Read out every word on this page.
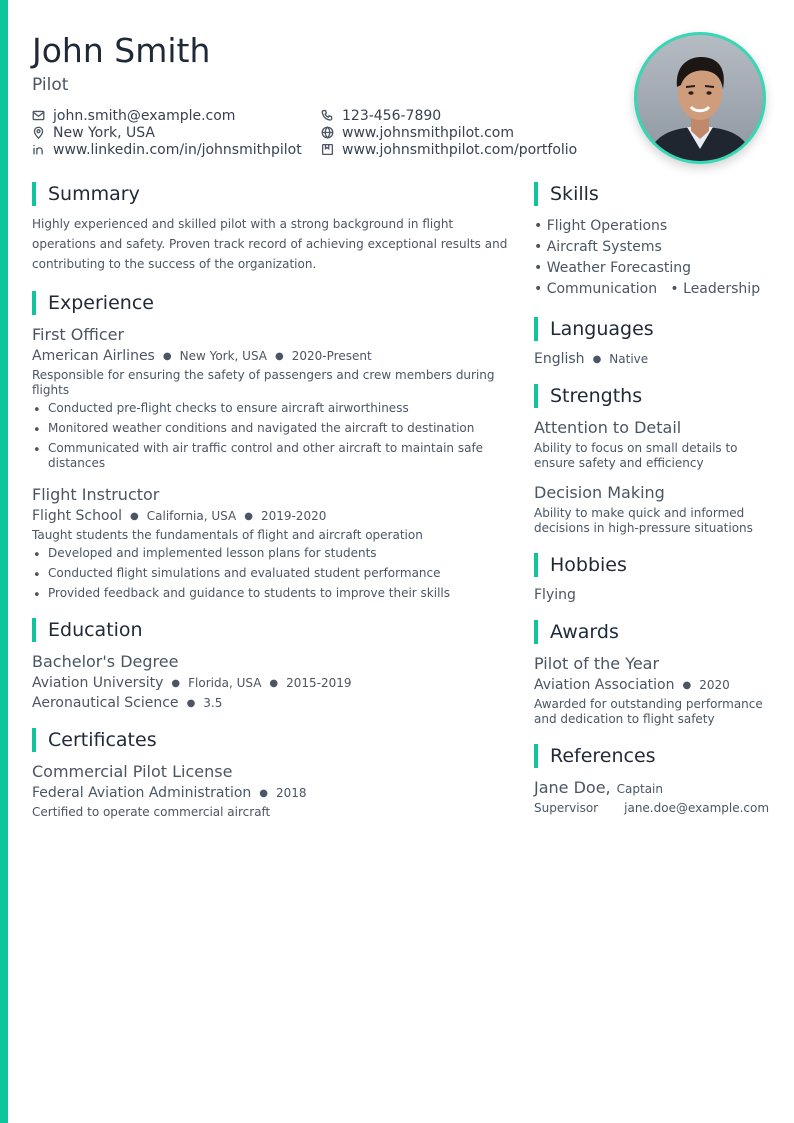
John Smith
Pilot
john.smith@example.com	123-456-7890
New York, USA	www.johnsmithpilot.com
www.linkedin.com/in/johnsmithpilot	www.johnsmithpilot.com/portfolio
Summary
Highly experienced and skilled pilot with a strong background in flight operations and safety. Proven track record of achieving exceptional results and contributing to the success of the organization.
Experience
First Officer
American Airlines ● New York, USA ● 2020-Present
Responsible for ensuring the safety of passengers and crew members during flights
• Conducted pre-flight checks to ensure aircraft airworthiness
• Monitored weather conditions and navigated the aircraft to destination
• Communicated with air traffic control and other aircraft to maintain safe distances
Flight Instructor
Flight School ● California, USA ● 2019-2020
Taught students the fundamentals of flight and aircraft operation
• Developed and implemented lesson plans for students
• Conducted flight simulations and evaluated student performance
• Provided feedback and guidance to students to improve their skills
Education
Bachelor's Degree
Aviation University ● Florida, USA ● 2015-2019
Aeronautical Science ● 3.5
Certificates
Commercial Pilot License
Federal Aviation Administration ● 2018
Certified to operate commercial aircraft
Skills
• Flight Operations
• Aircraft Systems
• Weather Forecasting
• Communication   • Leadership
Languages
English ● Native
Strengths
Attention to Detail
Ability to focus on small details to ensure safety and efficiency
Decision Making
Ability to make quick and informed decisions in high-pressure situations
Hobbies
Flying
Awards
Pilot of the Year
Aviation Association ● 2020
Awarded for outstanding performance and dedication to flight safety
References
Jane Doe, Captain
Supervisor jane.doe@example.com
